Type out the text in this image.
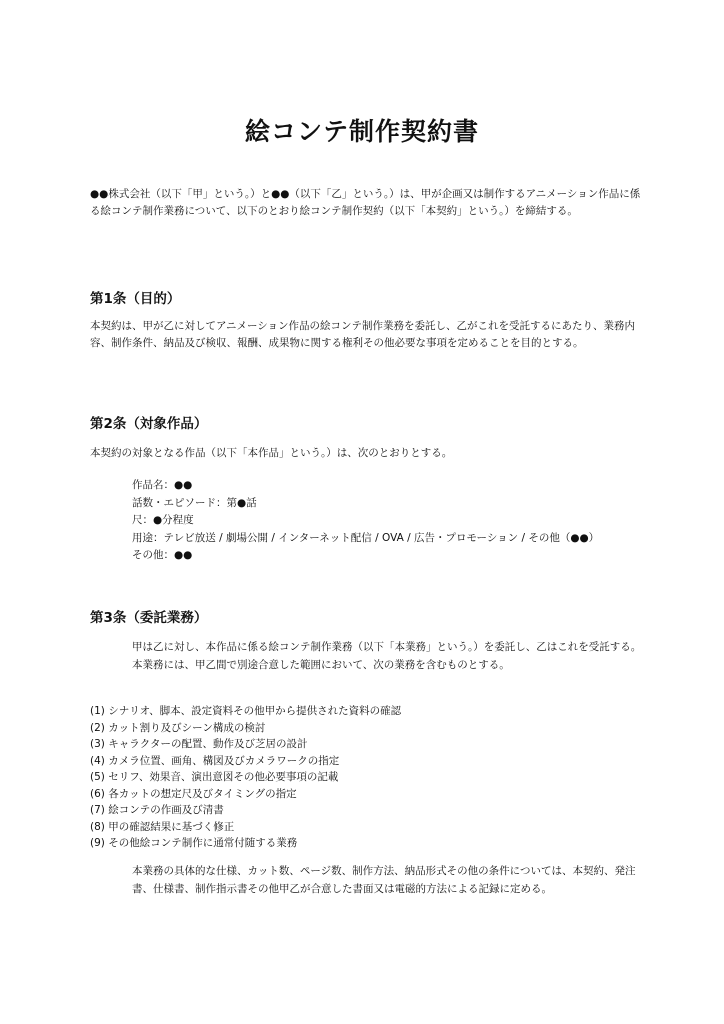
絵コンテ制作契約書

●●株式会社（以下「甲」という。）と●●（以下「乙」という。）は、甲が企画又は制作するアニメーション作品に係る絵コンテ制作業務について、以下のとおり絵コンテ制作契約（以下「本契約」という。）を締結する。

第1条（目的）

本契約は、甲が乙に対してアニメーション作品の絵コンテ制作業務を委託し、乙がこれを受託するにあたり、業務内容、制作条件、納品及び検収、報酬、成果物に関する権利その他必要な事項を定めることを目的とする。

第2条（対象作品）

本契約の対象となる作品（以下「本作品」という。）は、次のとおりとする。

作品名：●●
話数・エピソード：第●話
尺：●分程度
用途：テレビ放送 / 劇場公開 / インターネット配信 / OVA / 広告・プロモーション / その他（●●）
その他：●●
第3条（委託業務）
甲は乙に対し、本作品に係る絵コンテ制作業務（以下「本業務」という。）を委託し、乙はこれを受託する。
本業務には、甲乙間で別途合意した範囲において、次の業務を含むものとする。
(1) シナリオ、脚本、設定資料その他甲から提供された資料の確認
(2) カット割り及びシーン構成の検討
(3) キャラクターの配置、動作及び芝居の設計
(4) カメラ位置、画角、構図及びカメラワークの指定
(5) セリフ、効果音、演出意図その他必要事項の記載
(6) 各カットの想定尺及びタイミングの指定
(7) 絵コンテの作画及び清書
(8) 甲の確認結果に基づく修正
(9) その他絵コンテ制作に通常付随する業務

本業務の具体的な仕様、カット数、ページ数、制作方法、納品形式その他の条件については、本契約、発注書、仕様書、制作指示書その他甲乙が合意した書面又は電磁的方法による記録に定める。
